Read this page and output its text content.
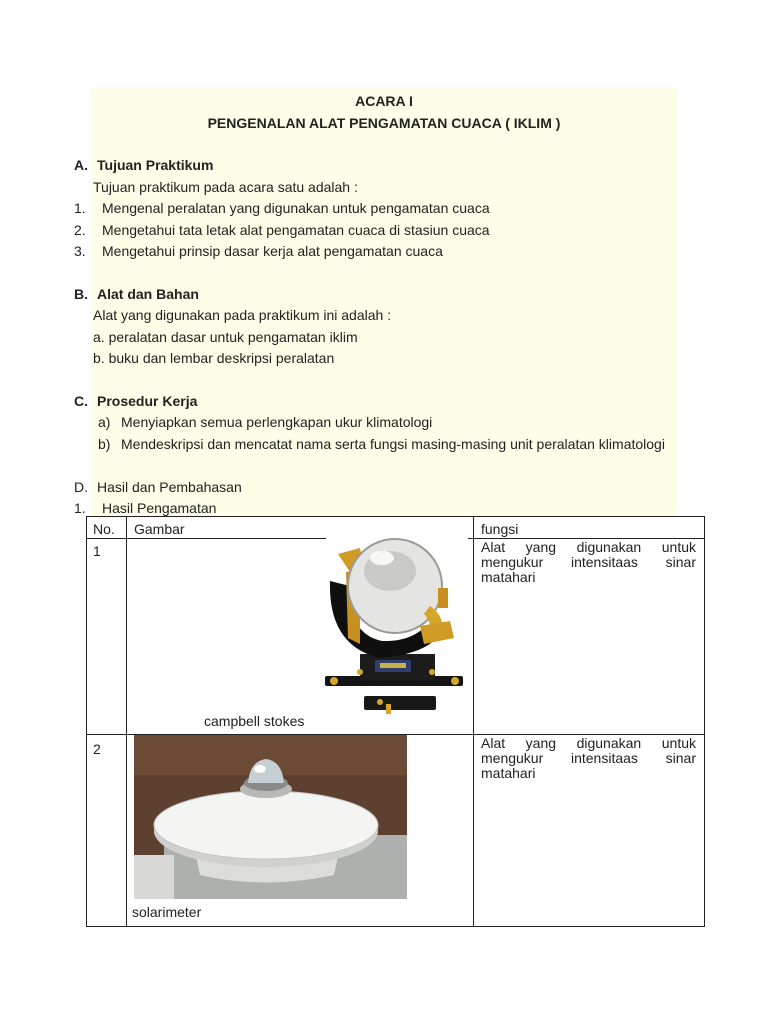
ACARA I
PENGENALAN ALAT PENGAMATAN CUACA ( IKLIM )
A. Tujuan Praktikum
Tujuan praktikum pada acara satu adalah :
1. Mengenal peralatan yang digunakan untuk pengamatan cuaca
2. Mengetahui tata letak alat pengamatan cuaca di stasiun cuaca
3. Mengetahui prinsip dasar kerja alat pengamatan cuaca
B. Alat dan Bahan
Alat yang digunakan pada praktikum ini adalah :
a. peralatan dasar untuk pengamatan iklim
b. buku dan lembar deskripsi peralatan
C. Prosedur Kerja
a) Menyiapkan semua perlengkapan ukur klimatologi
b) Mendeskripsi dan mencatat nama serta fungsi masing-masing unit peralatan klimatologi
D. Hasil dan Pembahasan
1. Hasil Pengamatan
No.	Gambar	fungsi
1	campbell stokes	Alat yang digunakan untuk mengukur intensitaas sinar matahari

2	solarimeter	Alat yang digunakan untuk mengukur intensitaas sinar matahari
